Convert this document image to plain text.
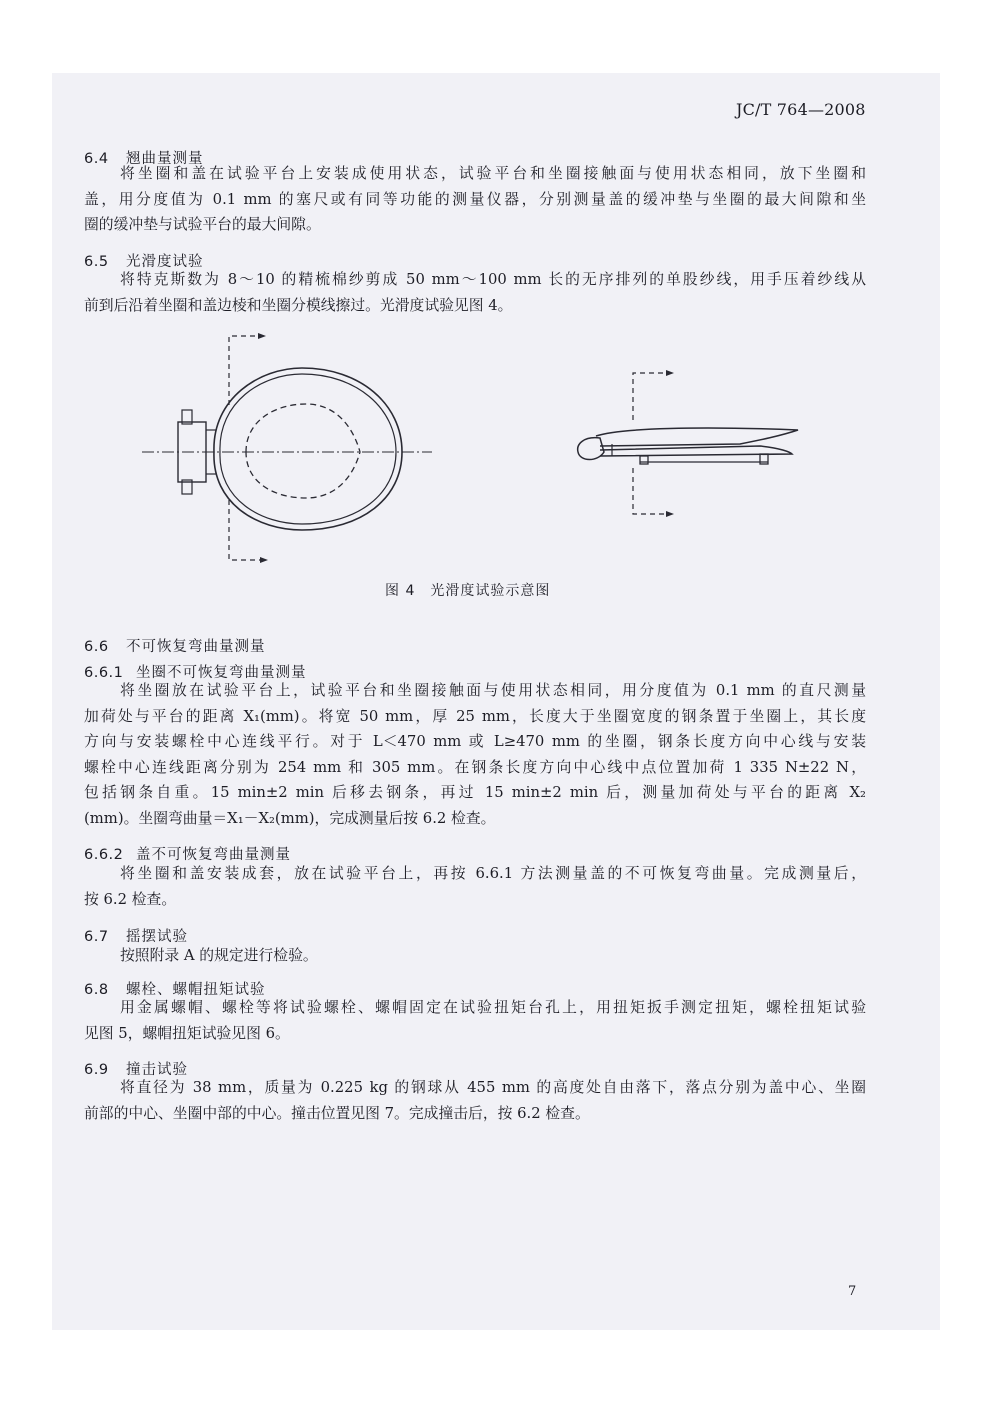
JC/T 764—2008
6.4 翘曲量测量
将坐圈和盖在试验平台上安装成使用状态，试验平台和坐圈接触面与使用状态相同，放下坐圈和
盖，用分度值为 0.1 mm 的塞尺或有同等功能的测量仪器，分别测量盖的缓冲垫与坐圈的最大间隙和坐
圈的缓冲垫与试验平台的最大间隙。
6.5 光滑度试验
将特克斯数为 8～10 的精梳棉纱剪成 50 mm～100 mm 长的无序排列的单股纱线，用手压着纱线从
前到后沿着坐圈和盖边棱和坐圈分模线擦过。光滑度试验见图 4。
图 4　光滑度试验示意图
6.6 不可恢复弯曲量测量
6.6.1 坐圈不可恢复弯曲量测量
将坐圈放在试验平台上，试验平台和坐圈接触面与使用状态相同，用分度值为 0.1 mm 的直尺测量
加荷处与平台的距离 X₁(mm)。将宽 50 mm，厚 25 mm，长度大于坐圈宽度的钢条置于坐圈上，其长度
方向与安装螺栓中心连线平行。对于 L＜470 mm 或 L≥470 mm 的坐圈，钢条长度方向中心线与安装
螺栓中心连线距离分别为 254 mm 和 305 mm。在钢条长度方向中心线中点位置加荷 1 335 N±22 N，
包括钢条自重。15 min±2 min 后移去钢条，再过 15 min±2 min 后，测量加荷处与平台的距离 X₂
(mm)。坐圈弯曲量＝X₁－X₂(mm)，完成测量后按 6.2 检查。
6.6.2 盖不可恢复弯曲量测量
将坐圈和盖安装成套，放在试验平台上，再按 6.6.1 方法测量盖的不可恢复弯曲量。完成测量后，
按 6.2 检查。
6.7 摇摆试验
按照附录 A 的规定进行检验。
6.8 螺栓、螺帽扭矩试验
用金属螺帽、螺栓等将试验螺栓、螺帽固定在试验扭矩台孔上，用扭矩扳手测定扭矩，螺栓扭矩试验
见图 5，螺帽扭矩试验见图 6。
6.9 撞击试验
将直径为 38 mm，质量为 0.225 kg 的钢球从 455 mm 的高度处自由落下，落点分别为盖中心、坐圈
前部的中心、坐圈中部的中心。撞击位置见图 7。完成撞击后，按 6.2 检查。
7
